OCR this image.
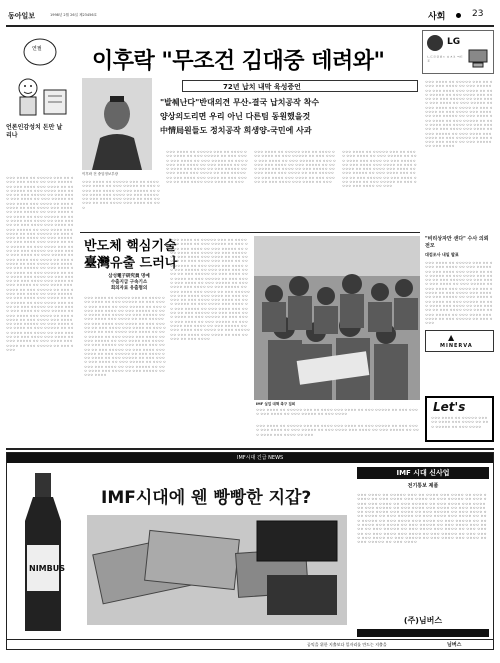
동아일보	1998년 2월 26일 제23456호	사회	23
연필
언론인감성치 돈만 날리나
이후락 "무조건 김대중 데려와"
LG
ㄴㄷㄹㅁㅂㅅ ㅇㅈㅊ ㅋㅌㅍ
72년 납치 내막 육성증언
"발췌난다"반대의견 무산-결국 납치공작 착수
양상의도리면 우리 아닌 다른팀 동원했을것
中情局원들도 정치공작 희생양-국민에 사과
이후락 전 중앙정보부장
ㅇㅇㅇ ㅇㅇㅇㅇ ㅇㅇ ㅇㅇㅇㅇㅇ ㅇㅇㅇ ㅇㅇ ㅇㅇㅇㅇ ㅇㅇㅇ ㅇㅇㅇㅇ ㅇㅇ ㅇㅇㅇ ㅇㅇㅇㅇㅇ ㅇㅇ ㅇㅇㅇ ㅇㅇㅇㅇ ㅇㅇㅇ ㅇㅇㅇㅇ ㅇㅇ ㅇㅇㅇ ㅇㅇㅇㅇㅇ ㅇㅇ ㅇㅇㅇ ㅇㅇㅇㅇ ㅇㅇㅇ ㅇㅇㅇㅇ ㅇㅇ ㅇㅇㅇ ㅇㅇㅇㅇㅇ ㅇㅇ ㅇㅇㅇ ㅇㅇㅇㅇ ㅇㅇㅇ ㅇㅇㅇㅇ ㅇㅇ ㅇㅇㅇ ㅇㅇㅇㅇㅇ ㅇㅇ ㅇㅇㅇ ㅇㅇㅇㅇ ㅇㅇㅇ ㅇㅇㅇㅇ ㅇㅇ ㅇㅇㅇ ㅇㅇㅇㅇㅇ ㅇㅇ ㅇㅇㅇ ㅇㅇㅇㅇ ㅇㅇㅇ ㅇㅇㅇㅇ ㅇㅇ ㅇㅇㅇ ㅇㅇㅇㅇㅇ ㅇㅇ ㅇㅇㅇ ㅇㅇㅇㅇ ㅇㅇㅇ ㅇㅇㅇㅇ ㅇㅇ ㅇㅇㅇ ㅇㅇㅇㅇㅇ ㅇㅇ ㅇㅇㅇ ㅇㅇㅇㅇ ㅇㅇㅇ ㅇㅇㅇㅇ ㅇㅇ ㅇㅇㅇ ㅇㅇㅇㅇㅇ ㅇㅇ ㅇㅇㅇ ㅇㅇㅇㅇ ㅇㅇㅇ ㅇㅇㅇㅇ ㅇㅇ ㅇㅇㅇ ㅇㅇㅇㅇㅇ ㅇㅇ ㅇㅇㅇ ㅇㅇㅇㅇ ㅇㅇㅇ ㅇㅇㅇㅇ ㅇㅇ ㅇㅇㅇ ㅇㅇㅇㅇㅇ ㅇㅇ ㅇㅇㅇ ㅇㅇㅇㅇ ㅇㅇㅇ ㅇㅇㅇㅇ ㅇㅇ ㅇㅇㅇ ㅇㅇㅇㅇㅇ ㅇㅇ ㅇㅇㅇ ㅇㅇㅇㅇ
ㅇㅇㅇ ㅇㅇㅇㅇ ㅇㅇ ㅇㅇㅇㅇㅇ ㅇㅇㅇ ㅇㅇ ㅇㅇㅇㅇ ㅇㅇㅇ ㅇㅇㅇㅇ ㅇㅇ ㅇㅇㅇ ㅇㅇㅇㅇㅇ ㅇㅇ ㅇㅇㅇ ㅇㅇㅇㅇ ㅇㅇㅇ ㅇㅇㅇㅇ ㅇㅇ ㅇㅇㅇ ㅇㅇㅇㅇㅇ ㅇㅇ ㅇㅇㅇ ㅇㅇㅇㅇ ㅇㅇㅇ ㅇㅇㅇㅇ ㅇㅇ ㅇㅇㅇ ㅇㅇㅇㅇㅇ ㅇㅇ ㅇㅇㅇ ㅇㅇㅇㅇ ㅇㅇㅇ ㅇㅇㅇㅇ ㅇㅇ ㅇㅇㅇ ㅇㅇㅇㅇㅇ ㅇㅇ ㅇㅇㅇ ㅇㅇㅇㅇ ㅇㅇㅇ ㅇㅇㅇㅇ ㅇㅇ ㅇㅇㅇ ㅇㅇㅇㅇㅇ ㅇㅇ ㅇㅇㅇ ㅇㅇㅇㅇ ㅇㅇㅇ ㅇㅇㅇㅇ ㅇㅇ ㅇㅇㅇ ㅇㅇㅇㅇㅇ ㅇㅇ ㅇㅇㅇ ㅇㅇㅇㅇ ㅇㅇㅇ ㅇㅇㅇㅇ ㅇㅇ ㅇㅇㅇ ㅇㅇㅇㅇㅇ ㅇㅇ ㅇㅇㅇ ㅇㅇㅇㅇ ㅇㅇㅇ ㅇㅇㅇㅇ ㅇㅇ ㅇㅇㅇ ㅇㅇㅇㅇㅇ ㅇㅇ ㅇㅇㅇ ㅇㅇㅇㅇ ㅇㅇㅇ ㅇㅇㅇㅇ ㅇㅇ ㅇㅇㅇ ㅇㅇㅇㅇㅇ ㅇㅇ ㅇㅇㅇ ㅇㅇㅇㅇ ㅇㅇㅇ ㅇㅇㅇㅇ ㅇㅇ ㅇㅇㅇ ㅇㅇㅇㅇㅇ ㅇㅇ ㅇㅇㅇ ㅇㅇㅇㅇ ㅇㅇㅇ ㅇㅇㅇㅇ ㅇㅇ ㅇㅇㅇ ㅇㅇㅇㅇㅇ ㅇㅇ ㅇㅇㅇ ㅇㅇㅇㅇ ㅇㅇㅇ ㅇㅇㅇㅇ ㅇㅇ ㅇㅇㅇ ㅇㅇㅇㅇㅇ ㅇㅇ ㅇㅇㅇ ㅇㅇㅇㅇ ㅇㅇㅇ ㅇㅇㅇㅇ ㅇㅇ ㅇㅇㅇ ㅇㅇㅇㅇㅇ ㅇㅇ ㅇㅇㅇ ㅇㅇㅇㅇ ㅇㅇㅇ ㅇㅇㅇㅇ ㅇㅇ ㅇㅇㅇ ㅇㅇㅇㅇㅇ ㅇㅇ ㅇㅇㅇ ㅇㅇㅇㅇ ㅇㅇㅇ ㅇㅇㅇㅇ ㅇㅇ ㅇㅇㅇ ㅇㅇㅇㅇㅇ ㅇㅇ ㅇㅇㅇ ㅇㅇㅇㅇ ㅇㅇㅇ ㅇㅇㅇㅇ ㅇㅇ ㅇㅇㅇ ㅇㅇㅇㅇㅇ ㅇㅇ ㅇㅇㅇ ㅇㅇㅇㅇ ㅇㅇㅇ ㅇㅇㅇㅇ ㅇㅇ ㅇㅇㅇ ㅇㅇㅇㅇㅇ ㅇㅇ ㅇㅇㅇ ㅇㅇㅇㅇ ㅇㅇㅇ ㅇㅇㅇㅇ ㅇㅇ ㅇㅇㅇ ㅇㅇㅇㅇㅇ ㅇㅇ ㅇㅇㅇ ㅇㅇㅇㅇ ㅇㅇㅇ ㅇㅇㅇㅇ ㅇㅇ ㅇㅇㅇ ㅇㅇㅇㅇㅇ ㅇㅇ ㅇㅇㅇ ㅇㅇㅇㅇ ㅇㅇㅇ ㅇㅇㅇㅇ ㅇㅇ ㅇㅇㅇ ㅇㅇㅇㅇㅇ ㅇㅇ ㅇㅇㅇ ㅇㅇㅇㅇ ㅇㅇㅇ ㅇㅇㅇㅇ ㅇㅇ ㅇㅇㅇ ㅇㅇㅇㅇㅇ ㅇㅇ ㅇㅇㅇ ㅇㅇㅇㅇ ㅇㅇㅇ ㅇㅇㅇㅇ ㅇㅇ ㅇㅇㅇ ㅇㅇㅇㅇㅇ ㅇㅇ ㅇㅇㅇ ㅇㅇㅇㅇ ㅇㅇㅇ ㅇㅇㅇㅇ ㅇㅇ ㅇㅇㅇ ㅇㅇㅇㅇㅇ ㅇㅇ ㅇㅇㅇ ㅇㅇㅇㅇ ㅇㅇㅇ ㅇㅇㅇㅇ ㅇㅇ ㅇㅇㅇ ㅇㅇㅇㅇㅇ ㅇㅇ ㅇㅇㅇ ㅇㅇㅇㅇ ㅇㅇㅇ ㅇㅇㅇㅇ ㅇㅇ ㅇㅇㅇ ㅇㅇㅇㅇㅇ ㅇㅇ ㅇㅇㅇ ㅇㅇㅇㅇ ㅇㅇㅇ ㅇㅇㅇㅇ ㅇㅇ ㅇㅇㅇ ㅇㅇㅇㅇㅇ ㅇㅇ ㅇㅇㅇ ㅇㅇㅇㅇ ㅇㅇㅇ ㅇㅇㅇㅇ ㅇㅇ ㅇㅇㅇ ㅇㅇㅇㅇㅇ ㅇㅇ ㅇㅇㅇ ㅇㅇㅇㅇ ㅇㅇㅇ ㅇㅇㅇㅇ ㅇㅇ ㅇㅇㅇ ㅇㅇㅇㅇㅇ ㅇㅇ ㅇㅇㅇ ㅇㅇㅇㅇ ㅇㅇㅇ ㅇㅇㅇㅇ ㅇㅇ ㅇㅇㅇ ㅇㅇㅇㅇㅇ ㅇㅇ ㅇㅇㅇ ㅇㅇㅇㅇ ㅇㅇㅇ ㅇㅇㅇㅇ ㅇㅇ ㅇㅇㅇ ㅇㅇㅇㅇㅇ ㅇㅇ ㅇㅇㅇ ㅇㅇㅇㅇ
ㅇㅇㅇ ㅇㅇㅇㅇ ㅇㅇ ㅇㅇㅇㅇㅇ ㅇㅇㅇ ㅇㅇ ㅇㅇㅇㅇ ㅇㅇㅇ ㅇㅇㅇㅇ ㅇㅇ ㅇㅇㅇ ㅇㅇㅇㅇㅇ ㅇㅇ ㅇㅇㅇ ㅇㅇㅇㅇ ㅇㅇㅇ ㅇㅇㅇㅇ ㅇㅇ ㅇㅇㅇ ㅇㅇㅇㅇㅇ ㅇㅇ ㅇㅇㅇ ㅇㅇㅇㅇ ㅇㅇㅇ ㅇㅇㅇㅇ ㅇㅇ ㅇㅇㅇ ㅇㅇㅇㅇㅇ ㅇㅇ ㅇㅇㅇ ㅇㅇㅇㅇ ㅇㅇㅇ ㅇㅇㅇㅇ ㅇㅇ ㅇㅇㅇ ㅇㅇㅇㅇㅇ ㅇㅇ ㅇㅇㅇ ㅇㅇㅇㅇ ㅇㅇㅇ ㅇㅇㅇㅇ ㅇㅇ ㅇㅇㅇ
ㅇㅇㅇ ㅇㅇㅇㅇ ㅇㅇ ㅇㅇㅇㅇㅇ ㅇㅇㅇ ㅇㅇ ㅇㅇㅇㅇ ㅇㅇㅇ ㅇㅇㅇㅇ ㅇㅇ ㅇㅇㅇ ㅇㅇㅇㅇㅇ ㅇㅇ ㅇㅇㅇ ㅇㅇㅇㅇ ㅇㅇㅇ ㅇㅇㅇㅇ ㅇㅇ ㅇㅇㅇ ㅇㅇㅇㅇㅇ ㅇㅇ ㅇㅇㅇ ㅇㅇㅇㅇ ㅇㅇㅇ ㅇㅇㅇㅇ ㅇㅇ ㅇㅇㅇ ㅇㅇㅇㅇㅇ ㅇㅇ ㅇㅇㅇ ㅇㅇㅇㅇ ㅇㅇㅇ ㅇㅇㅇㅇ ㅇㅇ ㅇㅇㅇ ㅇㅇㅇㅇㅇ ㅇㅇ ㅇㅇㅇ ㅇㅇㅇㅇ ㅇㅇㅇ ㅇㅇㅇㅇ ㅇㅇ ㅇㅇㅇ ㅇㅇㅇㅇㅇ ㅇㅇ ㅇㅇㅇ ㅇㅇㅇㅇ ㅇㅇㅇ ㅇㅇㅇㅇ ㅇㅇ ㅇㅇㅇ ㅇㅇㅇㅇㅇ ㅇㅇ ㅇㅇㅇ ㅇㅇㅇㅇ ㅇㅇㅇ ㅇㅇㅇㅇ ㅇㅇ ㅇㅇㅇ
ㅇㅇㅇ ㅇㅇㅇㅇ ㅇㅇ ㅇㅇㅇㅇㅇ ㅇㅇㅇ ㅇㅇ ㅇㅇㅇㅇ ㅇㅇㅇ ㅇㅇㅇㅇ ㅇㅇ ㅇㅇㅇ ㅇㅇㅇㅇㅇ ㅇㅇ ㅇㅇㅇ ㅇㅇㅇㅇ ㅇㅇㅇ ㅇㅇㅇㅇ ㅇㅇ ㅇㅇㅇ ㅇㅇㅇㅇㅇ ㅇㅇ ㅇㅇㅇ ㅇㅇㅇㅇ ㅇㅇㅇ ㅇㅇㅇㅇ ㅇㅇ ㅇㅇㅇ ㅇㅇㅇㅇㅇ ㅇㅇ ㅇㅇㅇ ㅇㅇㅇㅇ ㅇㅇㅇ ㅇㅇㅇㅇ ㅇㅇ ㅇㅇㅇ ㅇㅇㅇㅇㅇ ㅇㅇ ㅇㅇㅇ ㅇㅇㅇㅇ ㅇㅇㅇ ㅇㅇㅇㅇ ㅇㅇ ㅇㅇㅇ ㅇㅇㅇㅇㅇ ㅇㅇ ㅇㅇㅇ ㅇㅇㅇㅇ ㅇㅇㅇ ㅇㅇㅇㅇ ㅇㅇ ㅇㅇㅇ ㅇㅇㅇㅇㅇ ㅇㅇ ㅇㅇㅇ ㅇㅇㅇㅇ ㅇㅇㅇ ㅇㅇㅇㅇ ㅇㅇ ㅇㅇㅇ
ㅇㅇㅇ ㅇㅇㅇㅇ ㅇㅇ ㅇㅇㅇㅇㅇ ㅇㅇㅇ ㅇㅇ ㅇㅇㅇㅇ ㅇㅇㅇ ㅇㅇㅇㅇ ㅇㅇ ㅇㅇㅇ ㅇㅇㅇㅇㅇ ㅇㅇ ㅇㅇㅇ ㅇㅇㅇㅇ ㅇㅇㅇ ㅇㅇㅇㅇ ㅇㅇ ㅇㅇㅇ ㅇㅇㅇㅇㅇ ㅇㅇ ㅇㅇㅇ ㅇㅇㅇㅇ ㅇㅇㅇ ㅇㅇㅇㅇ ㅇㅇ ㅇㅇㅇ ㅇㅇㅇㅇㅇ ㅇㅇ ㅇㅇㅇ ㅇㅇㅇㅇ ㅇㅇㅇ ㅇㅇㅇㅇ ㅇㅇ ㅇㅇㅇ ㅇㅇㅇㅇㅇ ㅇㅇ ㅇㅇㅇ ㅇㅇㅇㅇ ㅇㅇㅇ ㅇㅇㅇㅇ ㅇㅇ ㅇㅇㅇ ㅇㅇㅇㅇㅇ ㅇㅇ ㅇㅇㅇ ㅇㅇㅇㅇ ㅇㅇㅇ ㅇㅇㅇㅇ ㅇㅇ ㅇㅇㅇ ㅇㅇㅇㅇㅇ ㅇㅇ ㅇㅇㅇ ㅇㅇㅇㅇ ㅇㅇㅇ ㅇㅇㅇㅇ ㅇㅇ ㅇㅇㅇ
반도체 핵심기술
臺灣유출 드러나
삼성電子研究員 명예
수출지급 구속기소
회의자료 유출혐의
ㅇㅇㅇ ㅇㅇㅇㅇ ㅇㅇ ㅇㅇㅇㅇㅇ ㅇㅇㅇ ㅇㅇ ㅇㅇㅇㅇ ㅇㅇㅇ ㅇㅇㅇㅇ ㅇㅇ ㅇㅇㅇ ㅇㅇㅇㅇㅇ ㅇㅇ ㅇㅇㅇ ㅇㅇㅇㅇ ㅇㅇㅇ ㅇㅇㅇㅇ ㅇㅇ ㅇㅇㅇ ㅇㅇㅇㅇㅇ ㅇㅇ ㅇㅇㅇ ㅇㅇㅇㅇ ㅇㅇㅇ ㅇㅇㅇㅇ ㅇㅇ ㅇㅇㅇ ㅇㅇㅇㅇㅇ ㅇㅇ ㅇㅇㅇ ㅇㅇㅇㅇ ㅇㅇㅇ ㅇㅇㅇㅇ ㅇㅇ ㅇㅇㅇ ㅇㅇㅇㅇㅇ ㅇㅇ ㅇㅇㅇ ㅇㅇㅇㅇ ㅇㅇㅇ ㅇㅇㅇㅇ ㅇㅇ ㅇㅇㅇ ㅇㅇㅇㅇㅇ ㅇㅇ ㅇㅇㅇ ㅇㅇㅇㅇ ㅇㅇㅇ ㅇㅇㅇㅇ ㅇㅇ ㅇㅇㅇ ㅇㅇㅇㅇㅇ ㅇㅇ ㅇㅇㅇ ㅇㅇㅇㅇ ㅇㅇㅇ ㅇㅇㅇㅇ ㅇㅇ ㅇㅇㅇ ㅇㅇㅇㅇㅇ ㅇㅇ ㅇㅇㅇ ㅇㅇㅇㅇ ㅇㅇㅇ ㅇㅇㅇㅇ ㅇㅇ ㅇㅇㅇ ㅇㅇㅇㅇㅇ ㅇㅇ ㅇㅇㅇ ㅇㅇㅇㅇ ㅇㅇㅇ ㅇㅇㅇㅇ ㅇㅇ ㅇㅇㅇ ㅇㅇㅇㅇㅇ ㅇㅇ ㅇㅇㅇ ㅇㅇㅇㅇ ㅇㅇㅇ ㅇㅇㅇㅇ ㅇㅇ ㅇㅇㅇ ㅇㅇㅇㅇㅇ ㅇㅇ ㅇㅇㅇ ㅇㅇㅇㅇ ㅇㅇㅇ ㅇㅇㅇㅇ ㅇㅇ ㅇㅇㅇ ㅇㅇㅇㅇㅇ ㅇㅇ ㅇㅇㅇ ㅇㅇㅇㅇ ㅇㅇㅇ ㅇㅇㅇㅇ ㅇㅇ ㅇㅇㅇ ㅇㅇㅇㅇㅇ ㅇㅇ ㅇㅇㅇ ㅇㅇㅇㅇ ㅇㅇㅇ ㅇㅇㅇㅇ ㅇㅇ ㅇㅇㅇ ㅇㅇㅇㅇㅇ ㅇㅇ ㅇㅇㅇ ㅇㅇㅇㅇ ㅇㅇㅇ ㅇㅇㅇㅇ ㅇㅇ ㅇㅇㅇ ㅇㅇㅇㅇㅇ ㅇㅇ ㅇㅇㅇ ㅇㅇㅇㅇ ㅇㅇㅇ ㅇㅇㅇㅇ ㅇㅇ ㅇㅇㅇ ㅇㅇㅇㅇㅇ ㅇㅇ ㅇㅇㅇ ㅇㅇㅇㅇ ㅇㅇㅇ ㅇㅇㅇㅇ ㅇㅇ ㅇㅇㅇ ㅇㅇㅇㅇㅇ ㅇㅇ ㅇㅇㅇ ㅇㅇㅇㅇ
ㅇㅇㅇ ㅇㅇㅇㅇ ㅇㅇ ㅇㅇㅇㅇㅇ ㅇㅇㅇ ㅇㅇ ㅇㅇㅇㅇ ㅇㅇㅇ ㅇㅇㅇㅇ ㅇㅇ ㅇㅇㅇ ㅇㅇㅇㅇㅇ ㅇㅇ ㅇㅇㅇ ㅇㅇㅇㅇ ㅇㅇㅇ ㅇㅇㅇㅇ ㅇㅇ ㅇㅇㅇ ㅇㅇㅇㅇㅇ ㅇㅇ ㅇㅇㅇ ㅇㅇㅇㅇ ㅇㅇㅇ ㅇㅇㅇㅇ ㅇㅇ ㅇㅇㅇ ㅇㅇㅇㅇㅇ ㅇㅇ ㅇㅇㅇ ㅇㅇㅇㅇ ㅇㅇㅇ ㅇㅇㅇㅇ ㅇㅇ ㅇㅇㅇ ㅇㅇㅇㅇㅇ ㅇㅇ ㅇㅇㅇ ㅇㅇㅇㅇ ㅇㅇㅇ ㅇㅇㅇㅇ ㅇㅇ ㅇㅇㅇ ㅇㅇㅇㅇㅇ ㅇㅇ ㅇㅇㅇ ㅇㅇㅇㅇ ㅇㅇㅇ ㅇㅇㅇㅇ ㅇㅇ ㅇㅇㅇ ㅇㅇㅇㅇㅇ ㅇㅇ ㅇㅇㅇ ㅇㅇㅇㅇ ㅇㅇㅇ ㅇㅇㅇㅇ ㅇㅇ ㅇㅇㅇ ㅇㅇㅇㅇㅇ ㅇㅇ ㅇㅇㅇ ㅇㅇㅇㅇ ㅇㅇㅇ ㅇㅇㅇㅇ ㅇㅇ ㅇㅇㅇ ㅇㅇㅇㅇㅇ ㅇㅇ ㅇㅇㅇ ㅇㅇㅇㅇ ㅇㅇㅇ ㅇㅇㅇㅇ ㅇㅇ ㅇㅇㅇ ㅇㅇㅇㅇㅇ ㅇㅇ ㅇㅇㅇ ㅇㅇㅇㅇ ㅇㅇㅇ ㅇㅇㅇㅇ ㅇㅇ ㅇㅇㅇ ㅇㅇㅇㅇㅇ ㅇㅇ ㅇㅇㅇ ㅇㅇㅇㅇ ㅇㅇㅇ ㅇㅇㅇㅇ ㅇㅇ ㅇㅇㅇ ㅇㅇㅇㅇㅇ ㅇㅇ ㅇㅇㅇ ㅇㅇㅇㅇ ㅇㅇㅇ ㅇㅇㅇㅇ ㅇㅇ ㅇㅇㅇ ㅇㅇㅇㅇㅇ ㅇㅇ ㅇㅇㅇ ㅇㅇㅇㅇ ㅇㅇㅇ ㅇㅇㅇㅇ ㅇㅇ ㅇㅇㅇ ㅇㅇㅇㅇㅇ ㅇㅇ ㅇㅇㅇ ㅇㅇㅇㅇ ㅇㅇㅇ ㅇㅇㅇㅇ ㅇㅇ ㅇㅇㅇ ㅇㅇㅇㅇㅇ ㅇㅇ ㅇㅇㅇ ㅇㅇㅇㅇ ㅇㅇㅇ ㅇㅇㅇㅇ ㅇㅇ ㅇㅇㅇ ㅇㅇㅇㅇㅇ ㅇㅇ ㅇㅇㅇ ㅇㅇㅇㅇ ㅇㅇㅇ ㅇㅇㅇㅇ ㅇㅇ ㅇㅇㅇ ㅇㅇㅇㅇㅇ ㅇㅇ ㅇㅇㅇ ㅇㅇㅇㅇ ㅇㅇㅇ ㅇㅇㅇㅇ ㅇㅇ ㅇㅇㅇ ㅇㅇㅇㅇㅇ ㅇㅇ ㅇㅇㅇ ㅇㅇㅇㅇ ㅇㅇㅇ ㅇㅇㅇㅇ ㅇㅇ ㅇㅇㅇ ㅇㅇㅇㅇㅇ ㅇㅇ ㅇㅇㅇ ㅇㅇㅇㅇ ㅇㅇㅇ ㅇㅇㅇㅇ ㅇㅇ ㅇㅇㅇ ㅇㅇㅇㅇㅇ ㅇㅇ ㅇㅇㅇ ㅇㅇㅇㅇ ㅇㅇㅇ ㅇㅇㅇㅇ ㅇㅇ ㅇㅇㅇ ㅇㅇㅇㅇㅇ ㅇㅇ ㅇㅇㅇ ㅇㅇㅇㅇ
IMF 실업 대책 촉구 집회
ㅇㅇㅇ ㅇㅇㅇㅇ ㅇㅇ ㅇㅇㅇㅇㅇ ㅇㅇㅇ ㅇㅇ ㅇㅇㅇㅇ ㅇㅇㅇ ㅇㅇㅇㅇ ㅇㅇ ㅇㅇㅇ ㅇㅇㅇㅇㅇ ㅇㅇ ㅇㅇㅇ ㅇㅇㅇㅇ ㅇㅇㅇ ㅇㅇㅇㅇ ㅇㅇ ㅇㅇㅇ ㅇㅇㅇㅇㅇ ㅇㅇ ㅇㅇㅇ ㅇㅇㅇㅇ
ㅇㅇㅇ ㅇㅇㅇㅇ ㅇㅇ ㅇㅇㅇㅇㅇ ㅇㅇㅇ ㅇㅇ ㅇㅇㅇㅇ ㅇㅇㅇ ㅇㅇㅇㅇ ㅇㅇ ㅇㅇㅇ ㅇㅇㅇㅇㅇ ㅇㅇ ㅇㅇㅇ ㅇㅇㅇㅇ ㅇㅇㅇ ㅇㅇㅇㅇ ㅇㅇ ㅇㅇㅇ ㅇㅇㅇㅇㅇ ㅇㅇ ㅇㅇㅇ ㅇㅇㅇㅇ ㅇㅇㅇ ㅇㅇㅇㅇ ㅇㅇ ㅇㅇㅇ ㅇㅇㅇㅇㅇ ㅇㅇ ㅇㅇㅇ ㅇㅇㅇㅇ ㅇㅇㅇ ㅇㅇㅇㅇ ㅇㅇ ㅇㅇㅇ
"비리상자만 샌다" 수사 의뢰 전모
대검조사 내일 발표
ㅇㅇㅇ ㅇㅇㅇㅇ ㅇㅇ ㅇㅇㅇㅇㅇ ㅇㅇㅇ ㅇㅇ ㅇㅇㅇㅇ ㅇㅇㅇ ㅇㅇㅇㅇ ㅇㅇ ㅇㅇㅇ ㅇㅇㅇㅇㅇ ㅇㅇ ㅇㅇㅇ ㅇㅇㅇㅇ ㅇㅇㅇ ㅇㅇㅇㅇ ㅇㅇ ㅇㅇㅇ ㅇㅇㅇㅇㅇ ㅇㅇ ㅇㅇㅇ ㅇㅇㅇㅇ ㅇㅇㅇ ㅇㅇㅇㅇ ㅇㅇ ㅇㅇㅇ ㅇㅇㅇㅇㅇ ㅇㅇ ㅇㅇㅇ ㅇㅇㅇㅇ ㅇㅇㅇ ㅇㅇㅇㅇ ㅇㅇ ㅇㅇㅇ ㅇㅇㅇㅇㅇ ㅇㅇ ㅇㅇㅇ ㅇㅇㅇㅇ ㅇㅇㅇ ㅇㅇㅇㅇ ㅇㅇ ㅇㅇㅇ ㅇㅇㅇㅇㅇ ㅇㅇ ㅇㅇㅇ ㅇㅇㅇㅇ ㅇㅇㅇ ㅇㅇㅇㅇ ㅇㅇ ㅇㅇㅇ ㅇㅇㅇㅇㅇ ㅇㅇ ㅇㅇㅇ ㅇㅇㅇㅇ ㅇㅇㅇ ㅇㅇㅇㅇ ㅇㅇ ㅇㅇㅇ ㅇㅇㅇㅇㅇ ㅇㅇ ㅇㅇㅇ ㅇㅇㅇㅇ ㅇㅇㅇ ㅇㅇㅇㅇ ㅇㅇ ㅇㅇㅇ ㅇㅇㅇㅇㅇ ㅇㅇ ㅇㅇㅇ ㅇㅇㅇㅇ ㅇㅇㅇ ㅇㅇㅇㅇ ㅇㅇ ㅇㅇㅇ ㅇㅇㅇㅇㅇ ㅇㅇ ㅇㅇㅇ ㅇㅇㅇㅇ ㅇㅇㅇ ㅇㅇㅇㅇ ㅇㅇ ㅇㅇㅇ ㅇㅇㅇㅇㅇ ㅇㅇ ㅇㅇㅇ ㅇㅇㅇㅇ
▲
MINERVA
Let's
ㅇㅇㅇ ㅇㅇㅇㅇ ㅇㅇ ㅇㅇㅇㅇㅇ ㅇㅇㅇ ㅇㅇ ㅇㅇㅇㅇ ㅇㅇㅇ ㅇㅇㅇㅇ ㅇㅇ ㅇㅇㅇ ㅇㅇㅇㅇㅇ ㅇㅇ ㅇㅇㅇ ㅇㅇㅇㅇ
IMF시대 긴급 NEWS
NIMBUS
IMF시대에 웬 빵빵한 지갑?
IMF 시대 신사업
전기통보 제품
ㅇㅇㅇ ㅇㅇㅇㅇ ㅇㅇ ㅇㅇㅇㅇㅇ ㅇㅇㅇ ㅇㅇ ㅇㅇㅇㅇ ㅇㅇㅇ ㅇㅇㅇㅇ ㅇㅇ ㅇㅇㅇ ㅇㅇㅇㅇㅇ ㅇㅇ ㅇㅇㅇ ㅇㅇㅇㅇ ㅇㅇㅇ ㅇㅇㅇㅇ ㅇㅇ ㅇㅇㅇ ㅇㅇㅇㅇㅇ ㅇㅇ ㅇㅇㅇ ㅇㅇㅇㅇ ㅇㅇㅇ ㅇㅇㅇㅇ ㅇㅇ ㅇㅇㅇ ㅇㅇㅇㅇㅇ ㅇㅇ ㅇㅇㅇ ㅇㅇㅇㅇ ㅇㅇㅇ ㅇㅇㅇㅇ ㅇㅇ ㅇㅇㅇ ㅇㅇㅇㅇㅇ ㅇㅇ ㅇㅇㅇ ㅇㅇㅇㅇ ㅇㅇㅇ ㅇㅇㅇㅇ ㅇㅇ ㅇㅇㅇ ㅇㅇㅇㅇㅇ ㅇㅇ ㅇㅇㅇ ㅇㅇㅇㅇ ㅇㅇㅇ ㅇㅇㅇㅇ ㅇㅇ ㅇㅇㅇ ㅇㅇㅇㅇㅇ ㅇㅇ ㅇㅇㅇ ㅇㅇㅇㅇ ㅇㅇㅇ ㅇㅇㅇㅇ ㅇㅇ ㅇㅇㅇ ㅇㅇㅇㅇㅇ ㅇㅇ ㅇㅇㅇ ㅇㅇㅇㅇ ㅇㅇㅇ ㅇㅇㅇㅇ ㅇㅇ ㅇㅇㅇ ㅇㅇㅇㅇㅇ ㅇㅇ ㅇㅇㅇ ㅇㅇㅇㅇ ㅇㅇㅇ ㅇㅇㅇㅇ ㅇㅇ ㅇㅇㅇ ㅇㅇㅇㅇㅇ ㅇㅇ ㅇㅇㅇ ㅇㅇㅇㅇ ㅇㅇㅇ ㅇㅇㅇㅇ ㅇㅇ ㅇㅇㅇ ㅇㅇㅇㅇㅇ ㅇㅇ ㅇㅇㅇ ㅇㅇㅇㅇ ㅇㅇㅇ ㅇㅇㅇㅇ ㅇㅇ ㅇㅇㅇ ㅇㅇㅇㅇㅇ ㅇㅇ ㅇㅇㅇ ㅇㅇㅇㅇ ㅇㅇㅇ ㅇㅇㅇㅇ ㅇㅇ ㅇㅇㅇ ㅇㅇㅇㅇㅇ ㅇㅇ ㅇㅇㅇ ㅇㅇㅇㅇ ㅇㅇㅇ ㅇㅇㅇㅇ ㅇㅇ ㅇㅇㅇ ㅇㅇㅇㅇㅇ ㅇㅇ ㅇㅇㅇ ㅇㅇㅇㅇ ㅇㅇㅇ ㅇㅇㅇㅇ ㅇㅇ ㅇㅇㅇ ㅇㅇㅇㅇㅇ ㅇㅇ ㅇㅇㅇ ㅇㅇㅇㅇ ㅇㅇㅇ ㅇㅇㅇㅇ ㅇㅇ ㅇㅇㅇ ㅇㅇㅇㅇㅇ ㅇㅇ ㅇㅇㅇ ㅇㅇㅇㅇ
(주)님버스
공익을 위한 지출보다 일자리를 만드는 지출을	님버스
